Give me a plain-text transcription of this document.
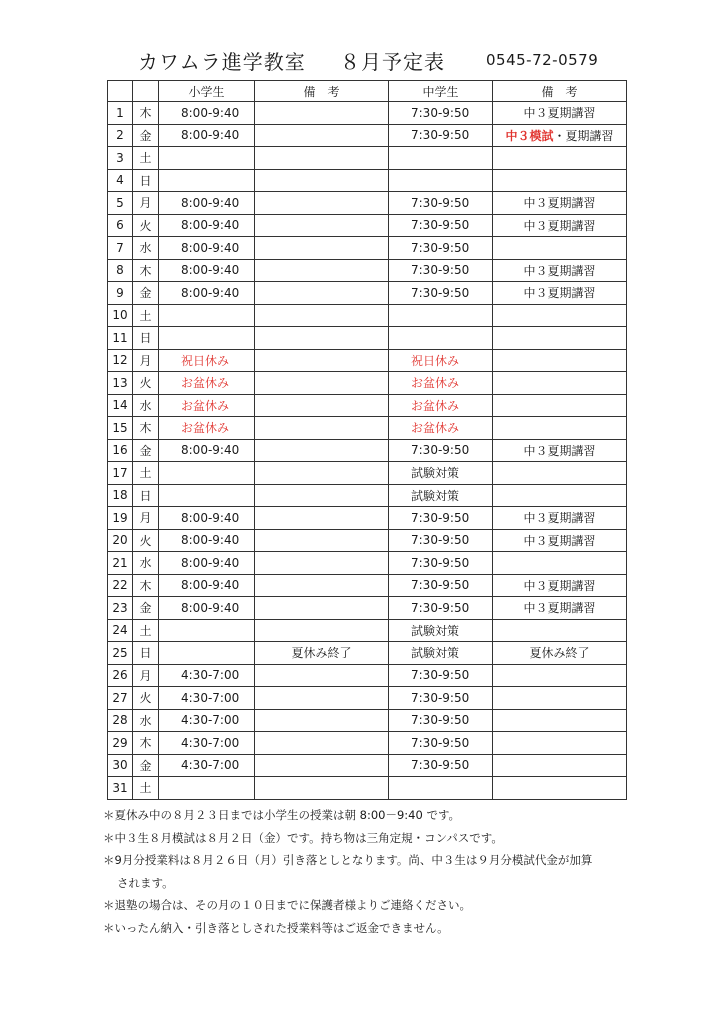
カワムラ進学教室 ８月予定表	0545-72-0579
		小学生	備　考	中学生	備　考
1	木	8:00-9:40		7:30-9:50	中３夏期講習
2	金	8:00-9:40		7:30-9:50	中３模試・夏期講習
3	土				
4	日				
5	月	8:00-9:40		7:30-9:50	中３夏期講習
6	火	8:00-9:40		7:30-9:50	中３夏期講習
7	水	8:00-9:40		7:30-9:50	
8	木	8:00-9:40		7:30-9:50	中３夏期講習
9	金	8:00-9:40		7:30-9:50	中３夏期講習
10	土				
11	日				
12	月	祝日休み		祝日休み	
13	火	お盆休み		お盆休み	
14	水	お盆休み		お盆休み	
15	木	お盆休み		お盆休み	
16	金	8:00-9:40		7:30-9:50	中３夏期講習
17	土			試験対策	
18	日			試験対策	
19	月	8:00-9:40		7:30-9:50	中３夏期講習
20	火	8:00-9:40		7:30-9:50	中３夏期講習
21	水	8:00-9:40		7:30-9:50	
22	木	8:00-9:40		7:30-9:50	中３夏期講習
23	金	8:00-9:40		7:30-9:50	中３夏期講習
24	土			試験対策	
25	日		夏休み終了	試験対策	夏休み終了
26	月	4:30-7:00		7:30-9:50	
27	火	4:30-7:00		7:30-9:50	
28	水	4:30-7:00		7:30-9:50	
29	木	4:30-7:00		7:30-9:50	
30	金	4:30-7:00		7:30-9:50	
31	土				
＊夏休み中の８月２３日までは小学生の授業は朝 8:00－9:40 です。
＊中３生８月模試は８月２日（金）です。持ち物は三角定規・コンパスです。
＊9月分授業料は８月２６日（月）引き落としとなります。尚、中３生は９月分模試代金が加算
されます。
＊退塾の場合は、その月の１０日までに保護者様よりご連絡ください。
＊いったん納入・引き落としされた授業料等はご返金できません。
